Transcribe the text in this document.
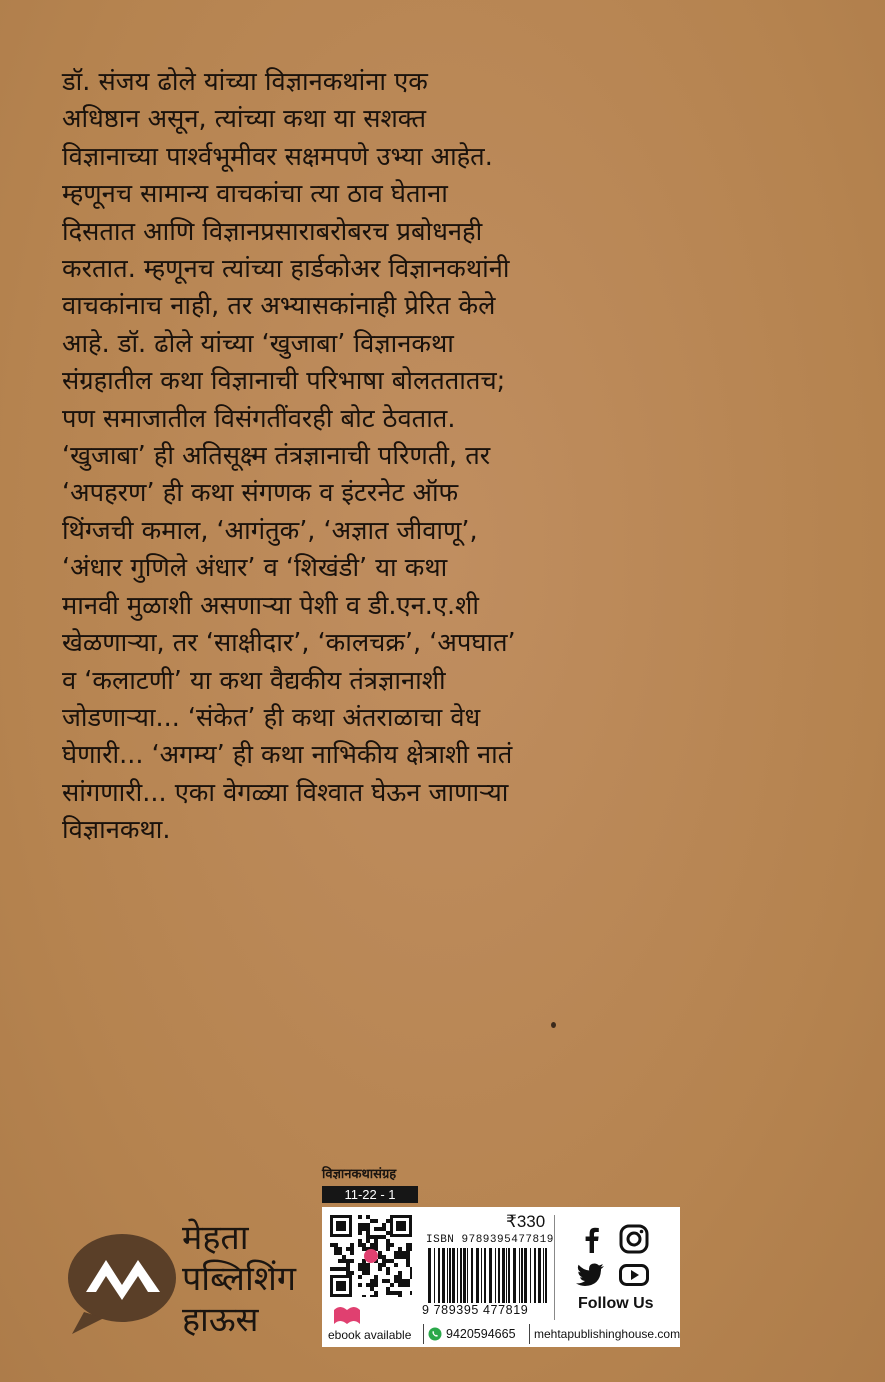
डॉ. संजय ढोले यांच्या विज्ञानकथांना एक
अधिष्ठान असून, त्यांच्या कथा या सशक्त
विज्ञानाच्या पार्श्वभूमीवर सक्षमपणे उभ्या आहेत.
म्हणूनच सामान्य वाचकांचा त्या ठाव घेताना
दिसतात आणि विज्ञानप्रसाराबरोबरच प्रबोधनही
करतात. म्हणूनच त्यांच्या हार्डकोअर विज्ञानकथांनी
वाचकांनाच नाही, तर अभ्यासकांनाही प्रेरित केले
आहे. डॉ. ढोले यांच्या ‘खुजाबा’ विज्ञानकथा
संग्रहातील कथा विज्ञानाची परिभाषा बोलततातच;
पण समाजातील विसंगतींवरही बोट ठेवतात.
‘खुजाबा’ ही अतिसूक्ष्म तंत्रज्ञानाची परिणती, तर
‘अपहरण’ ही कथा संगणक व इंटरनेट ऑफ
थिंग्जची कमाल, ‘आगंतुक’, ‘अज्ञात जीवाणू’,
‘अंधार गुणिले अंधार’ व ‘शिखंडी’ या कथा
मानवी मुळाशी असणाऱ्या पेशी व डी.एन.ए.शी
खेळणाऱ्या, तर ‘साक्षीदार’, ‘कालचक्र’, ‘अपघात’
व ‘कलाटणी’ या कथा वैद्यकीय तंत्रज्ञानाशी
जोडणाऱ्या... ‘संकेत’ ही कथा अंतराळाचा वेध
घेणारी... ‘अगम्य’ ही कथा नाभिकीय क्षेत्राशी नातं
सांगणारी... एका वेगळ्या विश्वात घेऊन जाणाऱ्या
विज्ञानकथा.
मेहता
पब्लिशिंग
हाऊस
विज्ञानकथासंग्रह
11-22 - 1
ebook available
₹330
ISBN 9789395477819
9 789395 477819
9420594665 mehtapublishinghouse.com
Follow Us
